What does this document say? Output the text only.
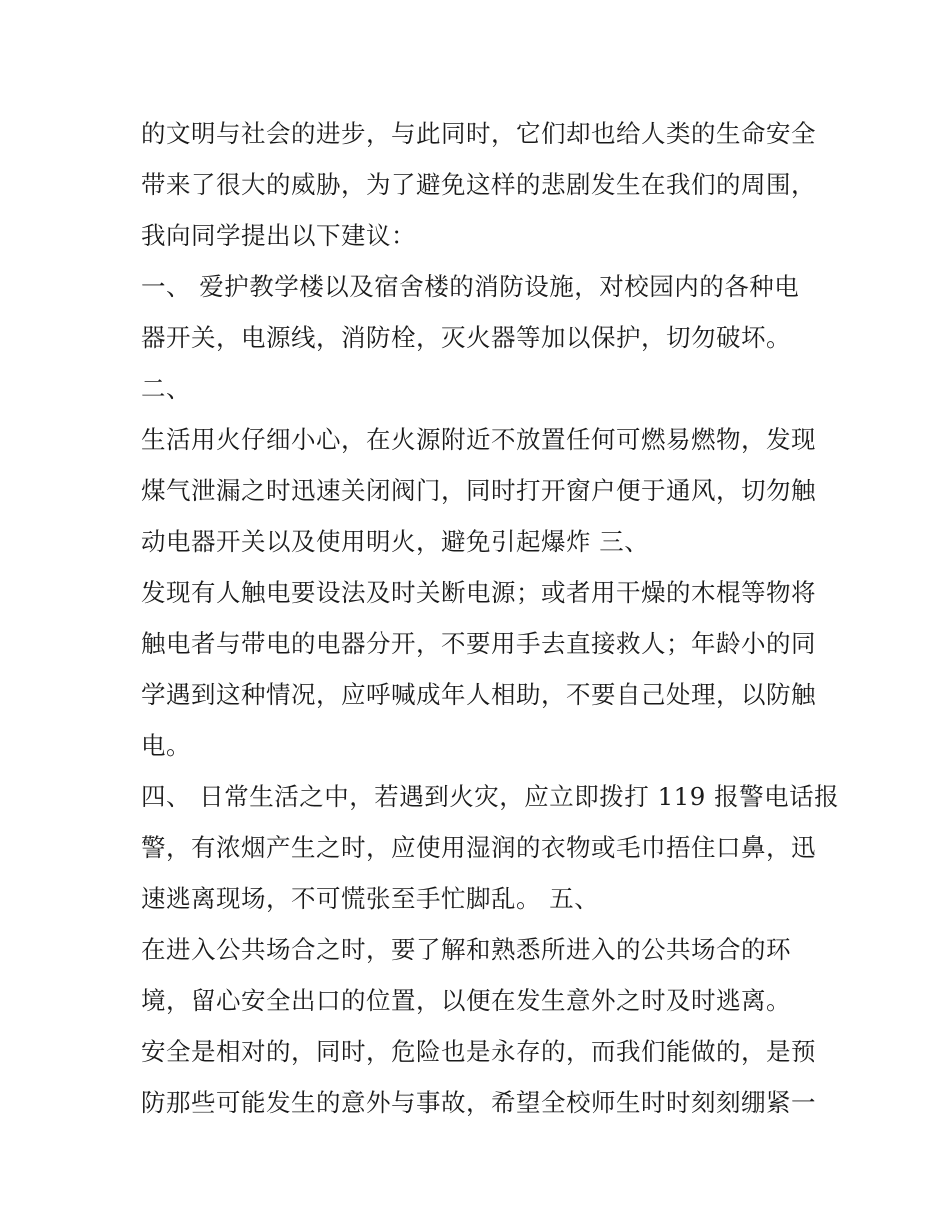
的文明与社会的进步，与此同时，它们却也给人类的生命安全
带来了很大的威胁，为了避免这样的悲剧发生在我们的周围，
我向同学提出以下建议：
一、 爱护教学楼以及宿舍楼的消防设施，对校园内的各种电
器开关，电源线，消防栓，灭火器等加以保护，切勿破坏。
二、
生活用火仔细小心，在火源附近不放置任何可燃易燃物，发现
煤气泄漏之时迅速关闭阀门，同时打开窗户便于通风，切勿触
动电器开关以及使用明火，避免引起爆炸 三、
发现有人触电要设法及时关断电源；或者用干燥的木棍等物将
触电者与带电的电器分开，不要用手去直接救人；年龄小的同
学遇到这种情况，应呼喊成年人相助，不要自己处理，以防触
电。
四、 日常生活之中，若遇到火灾，应立即拨打 119 报警电话报
警，有浓烟产生之时，应使用湿润的衣物或毛巾捂住口鼻，迅
速逃离现场，不可慌张至手忙脚乱。 五、
在进入公共场合之时，要了解和熟悉所进入的公共场合的环
境，留心安全出口的位置，以便在发生意外之时及时逃离。
安全是相对的，同时，危险也是永存的，而我们能做的，是预
防那些可能发生的意外与事故，希望全校师生时时刻刻绷紧一
